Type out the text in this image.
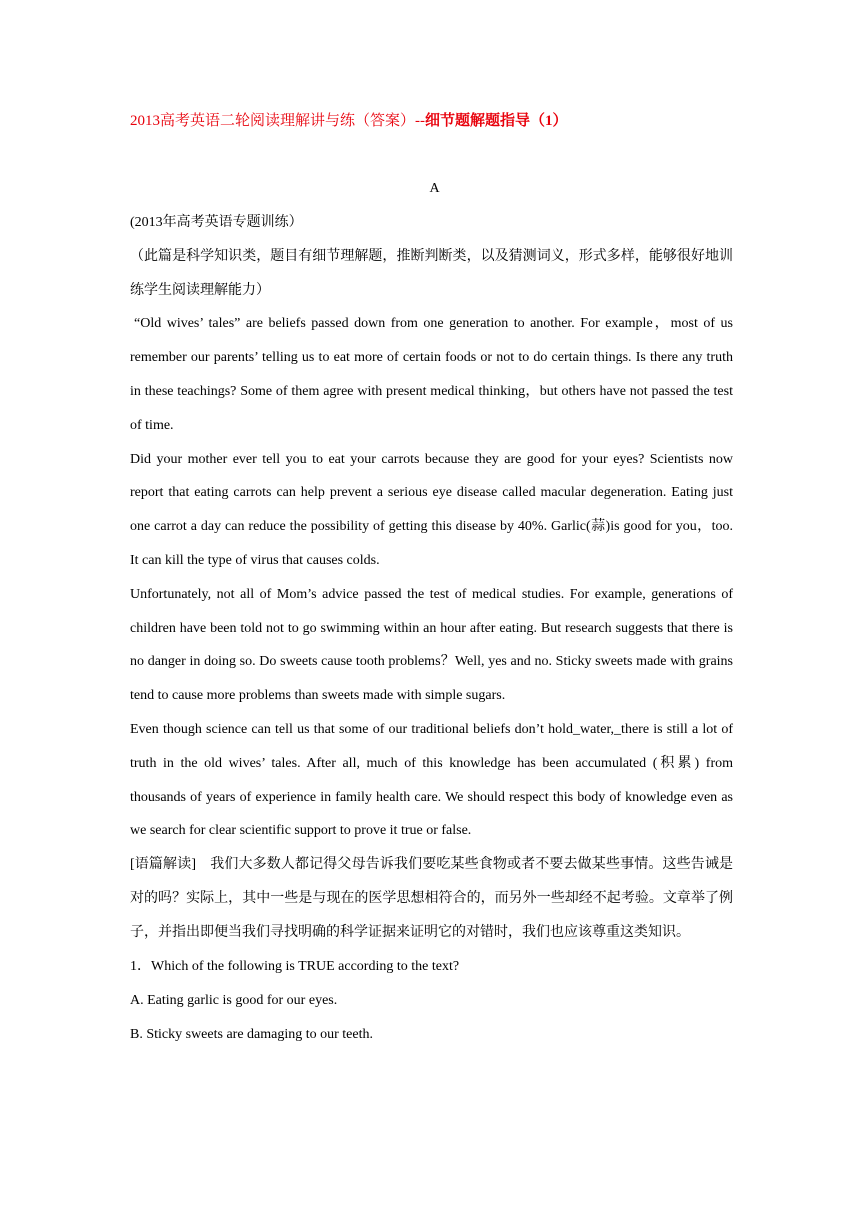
2013高考英语二轮阅读理解讲与练（答案）--细节题解题指导（1）
A

(2013年高考英语专题训练）

（此篇是科学知识类，题目有细节理解题，推断判断类，以及猜测词义，形式多样，能够很好地训练学生阅读理解能力）

“Old wives’ tales” are beliefs passed down from one generation to another. For example，most of us remember our parents’ telling us to eat more of certain foods or not to do certain things. Is there any truth in these teachings? Some of them agree with present medical thinking，but others have not passed the test of time.

Did your mother ever tell you to eat your carrots because they are good for your eyes? Scientists now report that eating carrots can help prevent a serious eye disease called macular degeneration. Eating just one carrot a day can reduce the possibility of getting this disease by 40%. Garlic(蒜)is good for you，too. It can kill the type of virus that causes colds.

Unfortunately, not all of Mom’s advice passed the test of medical studies. For example, generations of children have been told not to go swimming within an hour after eating. But research suggests that there is no danger in doing so. Do sweets cause tooth problems？Well, yes and no. Sticky sweets made with grains tend to cause more problems than sweets made with simple sugars.

Even though science can tell us that some of our traditional beliefs don’t hold_water,_there is still a lot of truth in the old wives’ tales. After all, much of this knowledge has been accumulated (积累) from thousands of years of experience in family health care. We should respect this body of knowledge even as we search for clear scientific support to prove it true or false.

[语篇解读]　我们大多数人都记得父母告诉我们要吃某些食物或者不要去做某些事情。这些告诫是对的吗？实际上，其中一些是与现在的医学思想相符合的，而另外一些却经不起考验。文章举了例子，并指出即便当我们寻找明确的科学证据来证明它的对错时，我们也应该尊重这类知识。

1．Which of the following is TRUE according to the text?

A. Eating garlic is good for our eyes.

B. Sticky sweets are damaging to our teeth.
